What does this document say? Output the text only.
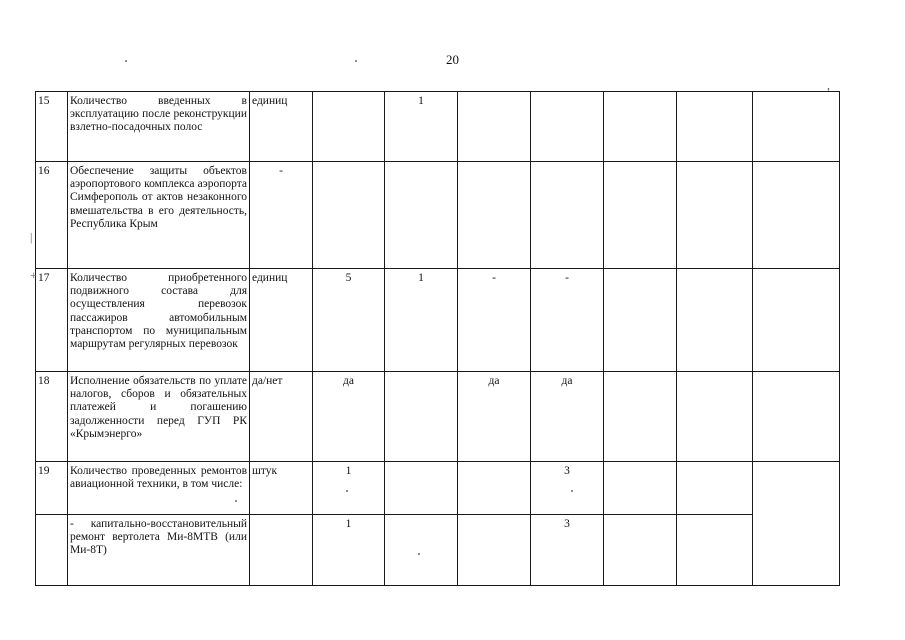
20
15	Количество введенных в эксплуатацию после реконструкции взлетно-посадочных полос	единиц		1					
16	Обеспечение защиты объектов аэропортового комплекса аэропорта Симферополь от актов незаконного вмешательства в его деятельность, Республика Крым	-							
17	Количество приобретенного подвижного состава для осуществления перевозок пассажиров автомобильным транспортом по муниципальным маршрутам регулярных перевозок	единиц	5	1	-	-			
18	Исполнение обязательств по уплате налогов, сборов и обязательных платежей и погашению задолженности перед ГУП РК «Крымэнерго»	да/нет	да		да	да			
19	Количество проведенных ремонтов авиационной техники, в том числе:	штук	1			3			
	- капитально-восстановительный ремонт вертолета Ми-8МТВ (или Ми-8Т)		1			3			
ʼ
|
+
